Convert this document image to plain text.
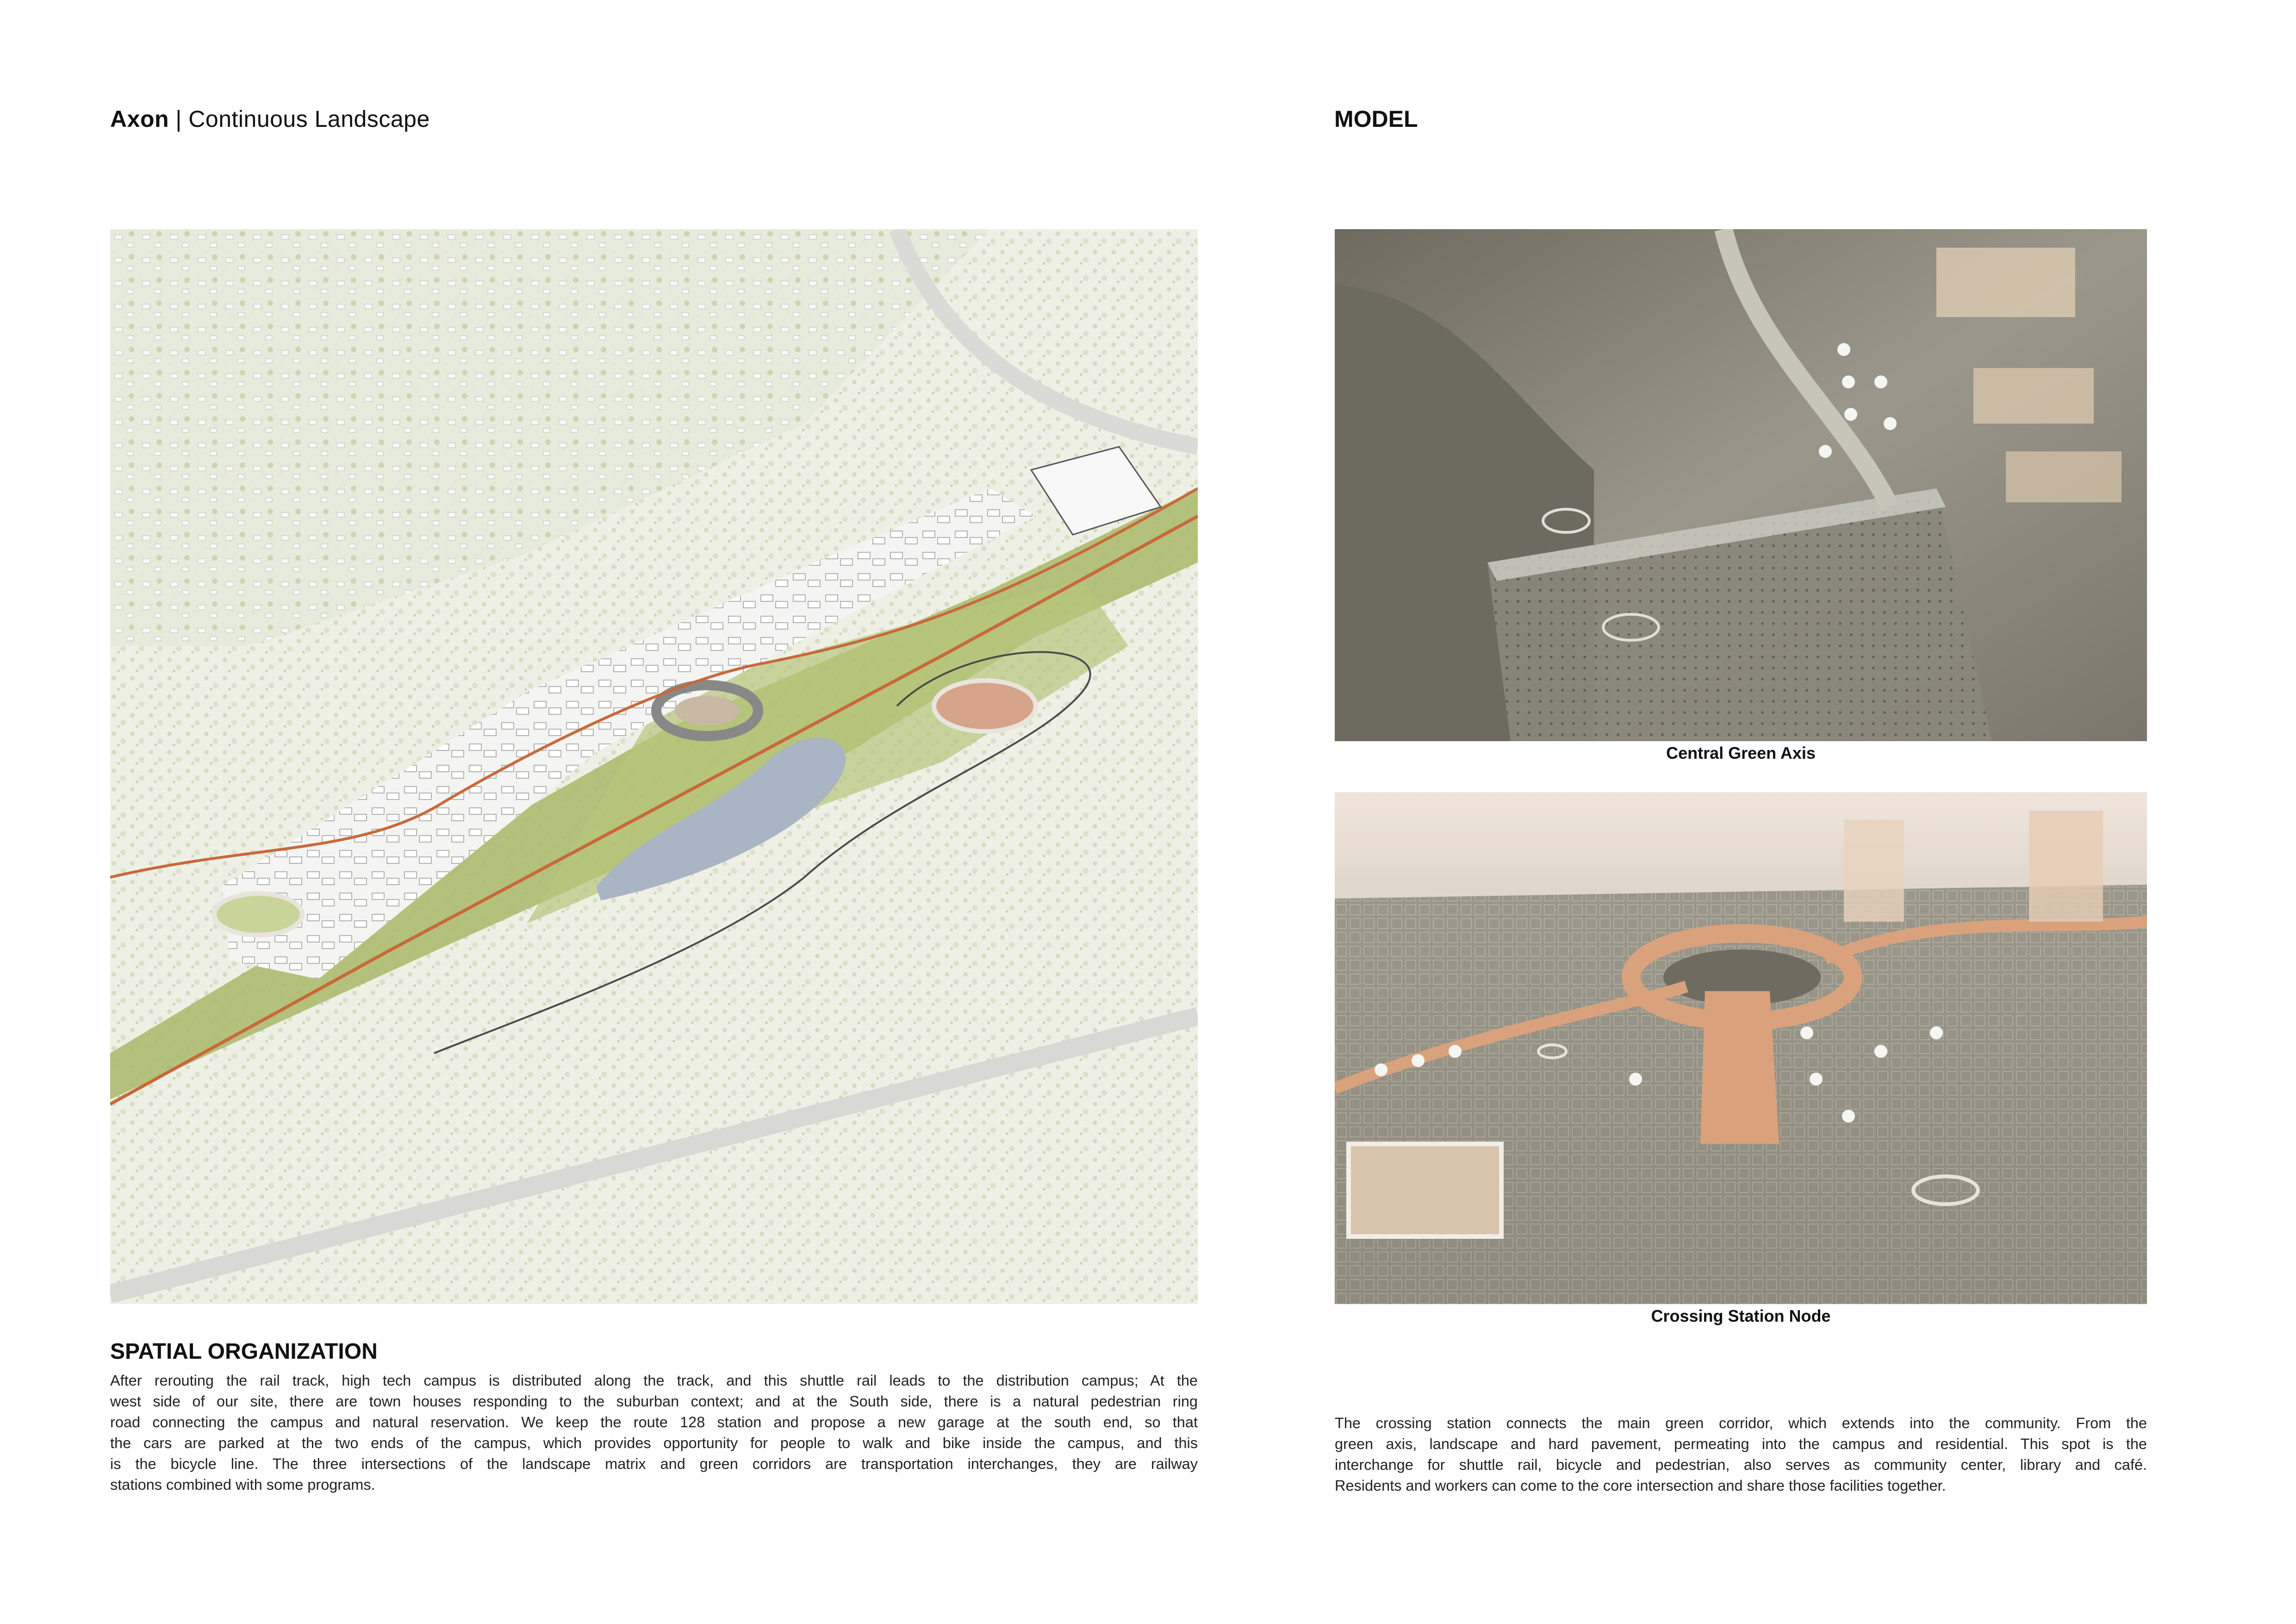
Axon | Continuous Landscape	MODEL
Central Green Axis
Crossing Station Node
SPATIAL ORGANIZATION
After rerouting the rail track, high tech campus is distributed along the track, and this shuttle rail leads to the distribution campus; At the
west side of our site, there are town houses responding to the suburban context; and at the South side, there is a natural pedestrian ring
road connecting the campus and natural reservation. We keep the route 128 station and propose a new garage at the south end, so that
the cars are parked at the two ends of the campus, which provides opportunity for people to walk and bike inside the campus, and this
is the bicycle line. The three intersections of the landscape matrix and green corridors are transportation interchanges, they are railway
stations combined with some programs.
The crossing station connects the main green corridor, which extends into the community. From the
green axis, landscape and hard pavement, permeating into the campus and residential. This spot is the
interchange for shuttle rail, bicycle and pedestrian, also serves as community center, library and café.
Residents and workers can come to the core intersection and share those facilities together.
